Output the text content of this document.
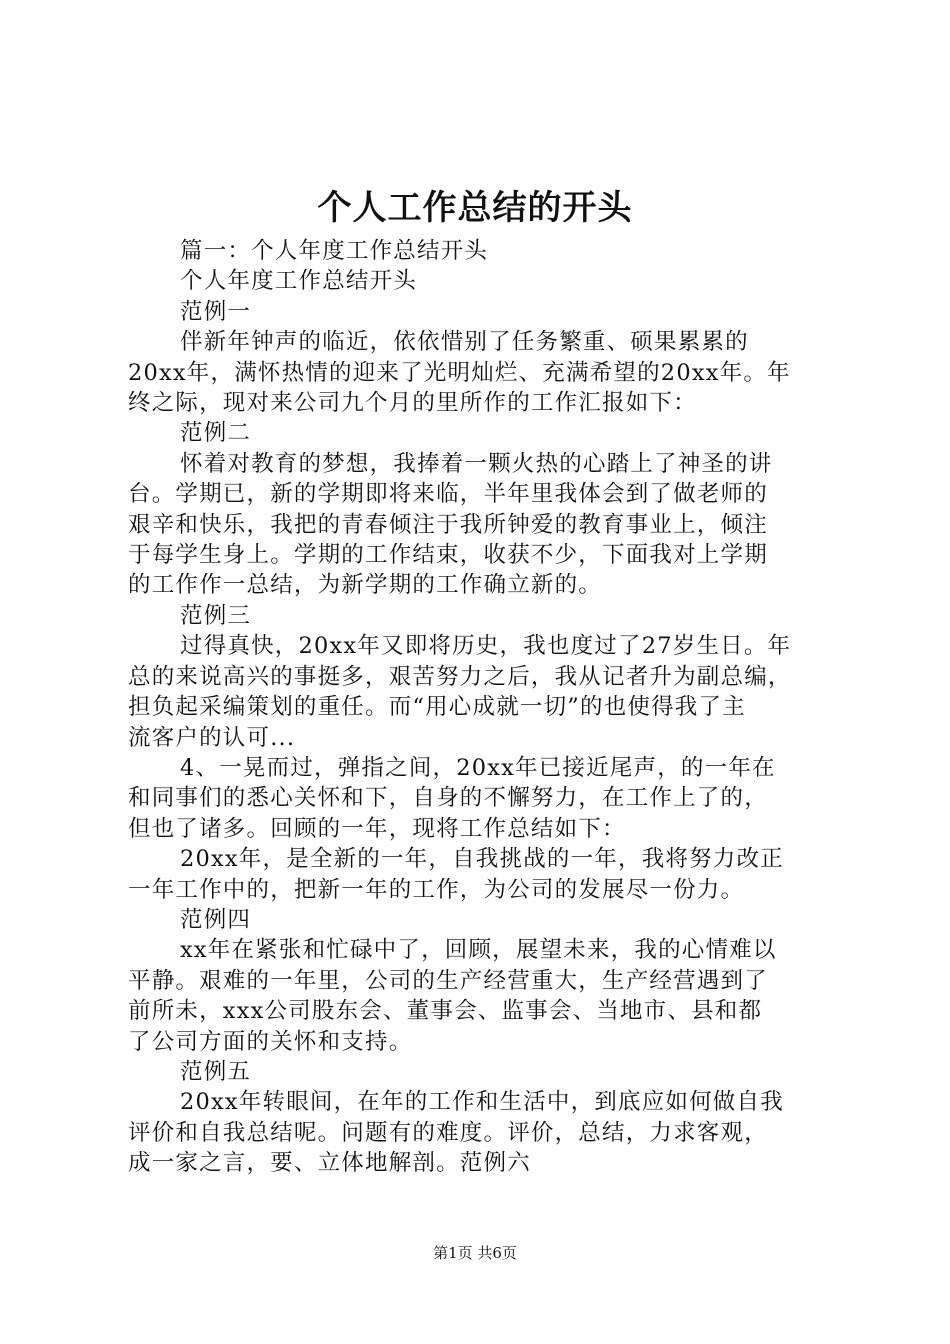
个人工作总结的开头

篇一：个人年度工作总结开头

个人年度工作总结开头

范例一

伴新年钟声的临近，依依惜别了任务繁重、硕果累累的

20xx年，满怀热情的迎来了光明灿烂、充满希望的20xx年。年

终之际，现对来公司九个月的里所作的工作汇报如下：

范例二

怀着对教育的梦想，我捧着一颗火热的心踏上了神圣的讲

台。学期已，新的学期即将来临，半年里我体会到了做老师的

艰辛和快乐，我把的青春倾注于我所钟爱的教育事业上，倾注

于每学生身上。学期的工作结束，收获不少，下面我对上学期

的工作作一总结，为新学期的工作确立新的。

范例三

过得真快，20xx年又即将历史，我也度过了27岁生日。年

总的来说高兴的事挺多，艰苦努力之后，我从记者升为副总编，

担负起采编策划的重任。而“用心成就一切”的也使得我了主

流客户的认可...

4、一晃而过，弹指之间，20xx年已接近尾声，的一年在

和同事们的悉心关怀和下，自身的不懈努力，在工作上了的，

但也了诸多。回顾的一年，现将工作总结如下：

20xx年，是全新的一年，自我挑战的一年，我将努力改正

一年工作中的，把新一年的工作，为公司的发展尽一份力。

范例四

xx年在紧张和忙碌中了，回顾，展望未来，我的心情难以

平静。艰难的一年里，公司的生产经营重大，生产经营遇到了

前所未，xxx公司股东会、董事会、监事会、当地市、县和都

了公司方面的关怀和支持。

范例五

20xx年转眼间，在年的工作和生活中，到底应如何做自我

评价和自我总结呢。问题有的难度。评价，总结，力求客观，

成一家之言，要、立体地解剖。范例六

第1页 共6页
